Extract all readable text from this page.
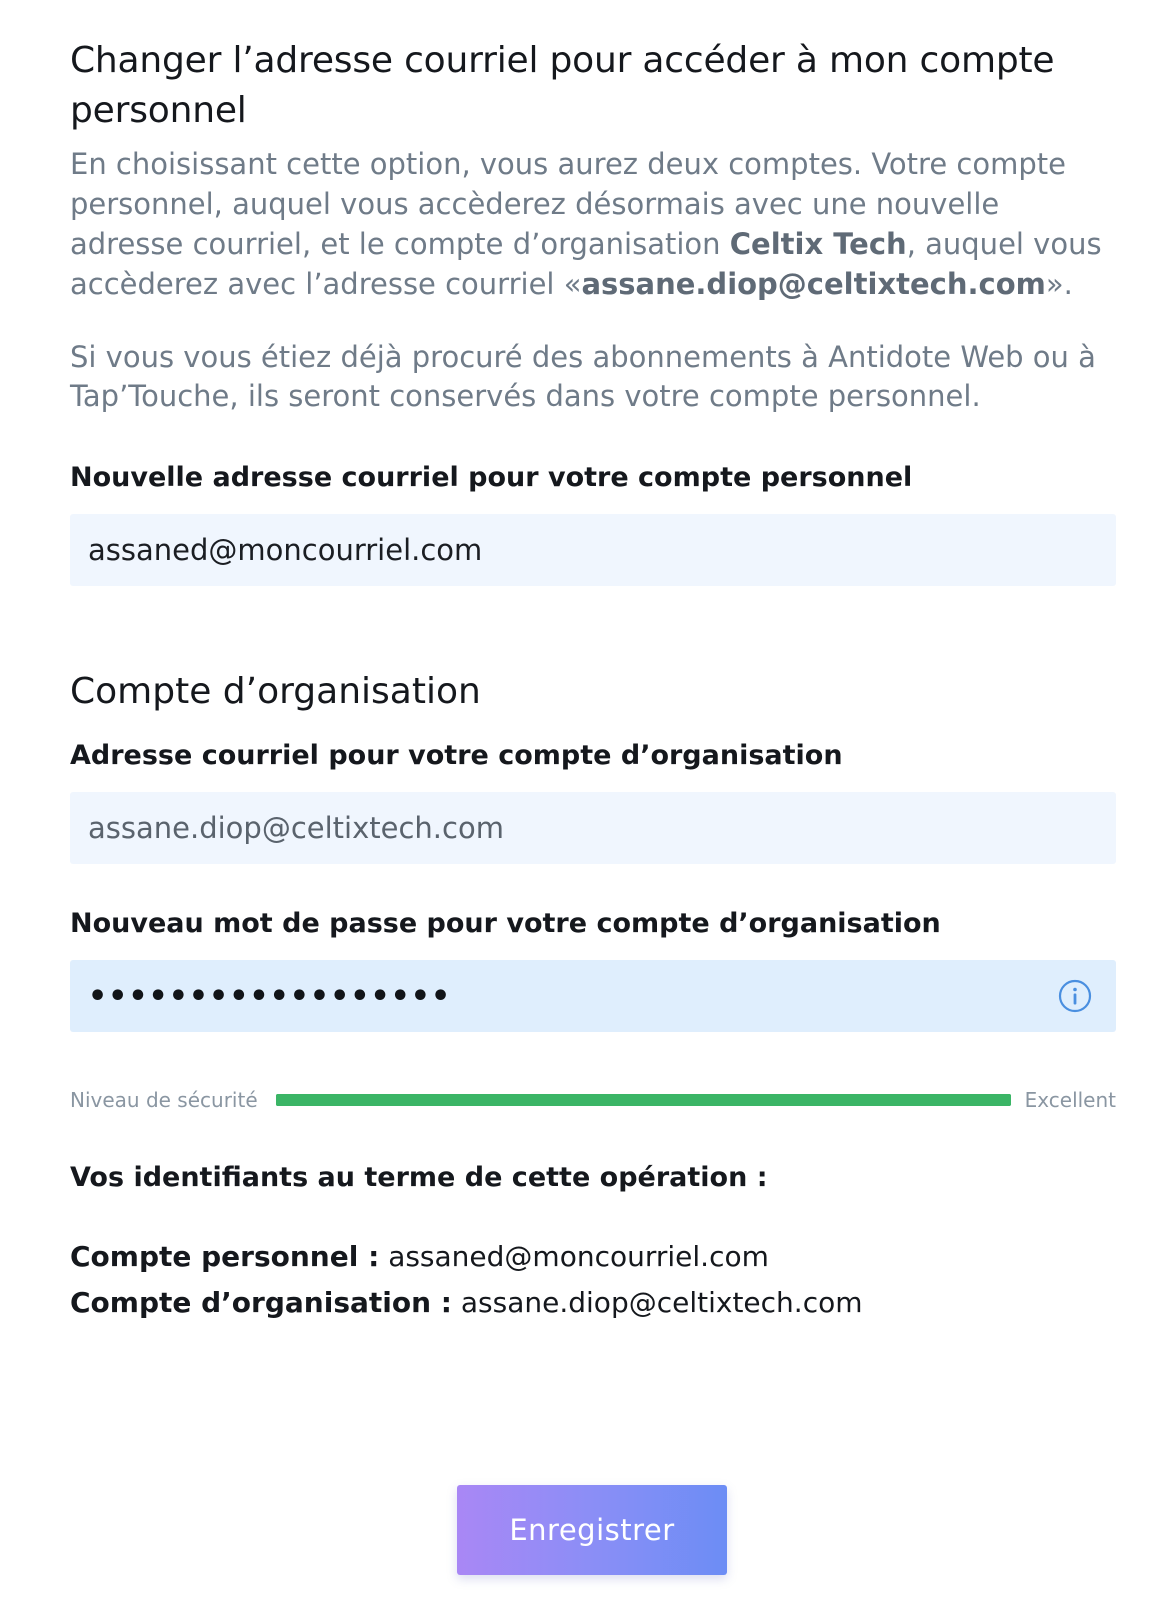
Changer l’adresse courriel pour accéder à mon compte personnel

En choisissant cette option, vous aurez deux comptes. Votre compte personnel, auquel vous accèderez désormais avec une nouvelle adresse courriel, et le compte d’organisation Celtix Tech, auquel vous accèderez avec l’adresse courriel «assane.diop@celtixtech.com».

Si vous vous étiez déjà procuré des abonnements à Antidote Web ou à Tap’Touche, ils seront conservés dans votre compte personnel.

Nouvelle adresse courriel pour votre compte personnel
assaned@moncourriel.com
Compte d’organisation
Adresse courriel pour votre compte d’organisation
assane.diop@celtixtech.com
Nouveau mot de passe pour votre compte d’organisation
••••••••••••••••••
Niveau de sécurité	Excellent
Vos identifiants au terme de cette opération :
Compte personnel : assaned@moncourriel.com
Compte d’organisation : assane.diop@celtixtech.com
Enregistrer
